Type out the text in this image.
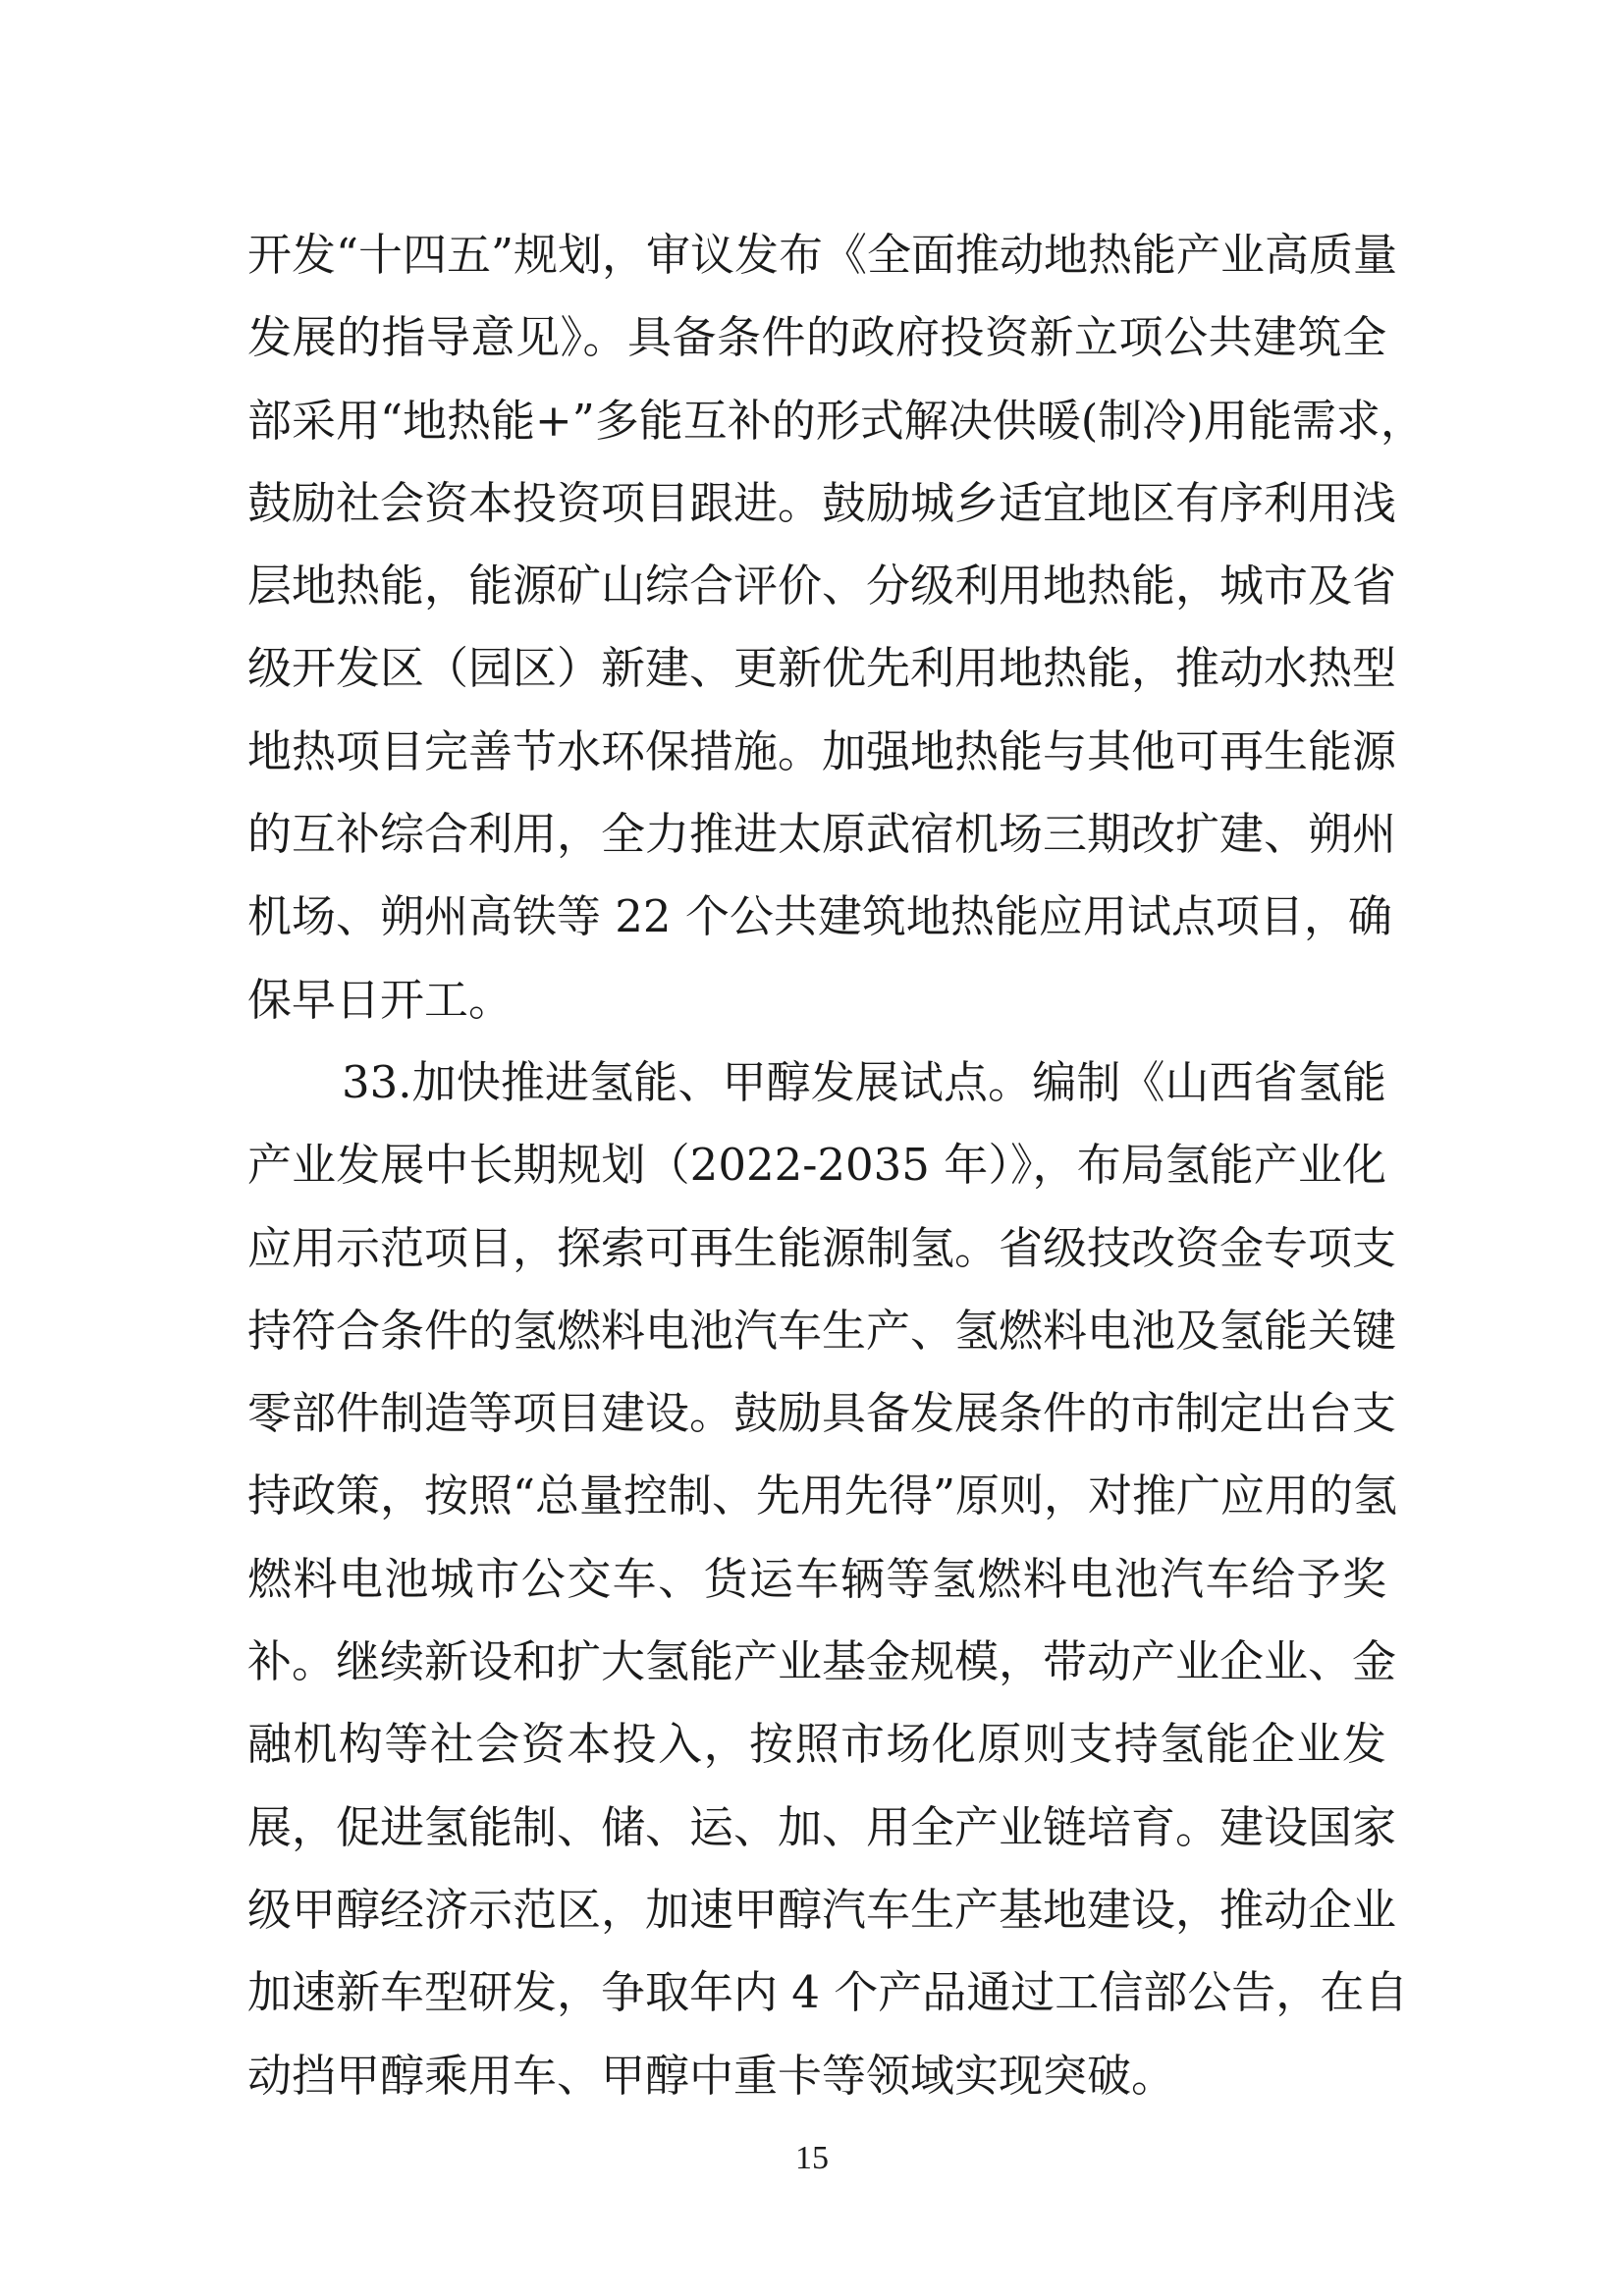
开发“十四五”规划，审议发布《全面推动地热能产业高质量
发展的指导意见》。具备条件的政府投资新立项公共建筑全
部采用“地热能+”多能互补的形式解决供暖(制冷)用能需求，
鼓励社会资本投资项目跟进。鼓励城乡适宜地区有序利用浅
层地热能，能源矿山综合评价、分级利用地热能，城市及省
级开发区（园区）新建、更新优先利用地热能，推动水热型
地热项目完善节水环保措施。加强地热能与其他可再生能源
的互补综合利用，全力推进太原武宿机场三期改扩建、朔州
机场、朔州高铁等 22 个公共建筑地热能应用试点项目，确
保早日开工。
33.加快推进氢能、甲醇发展试点。编制《山西省氢能
产业发展中长期规划（2022-2035 年）》，布局氢能产业化
应用示范项目，探索可再生能源制氢。省级技改资金专项支
持符合条件的氢燃料电池汽车生产、氢燃料电池及氢能关键
零部件制造等项目建设。鼓励具备发展条件的市制定出台支
持政策，按照“总量控制、先用先得”原则，对推广应用的氢
燃料电池城市公交车、货运车辆等氢燃料电池汽车给予奖
补。继续新设和扩大氢能产业基金规模，带动产业企业、金
融机构等社会资本投入，按照市场化原则支持氢能企业发
展，促进氢能制、储、运、加、用全产业链培育。建设国家
级甲醇经济示范区，加速甲醇汽车生产基地建设，推动企业
加速新车型研发，争取年内 4 个产品通过工信部公告，在自
动挡甲醇乘用车、甲醇中重卡等领域实现突破。
15
